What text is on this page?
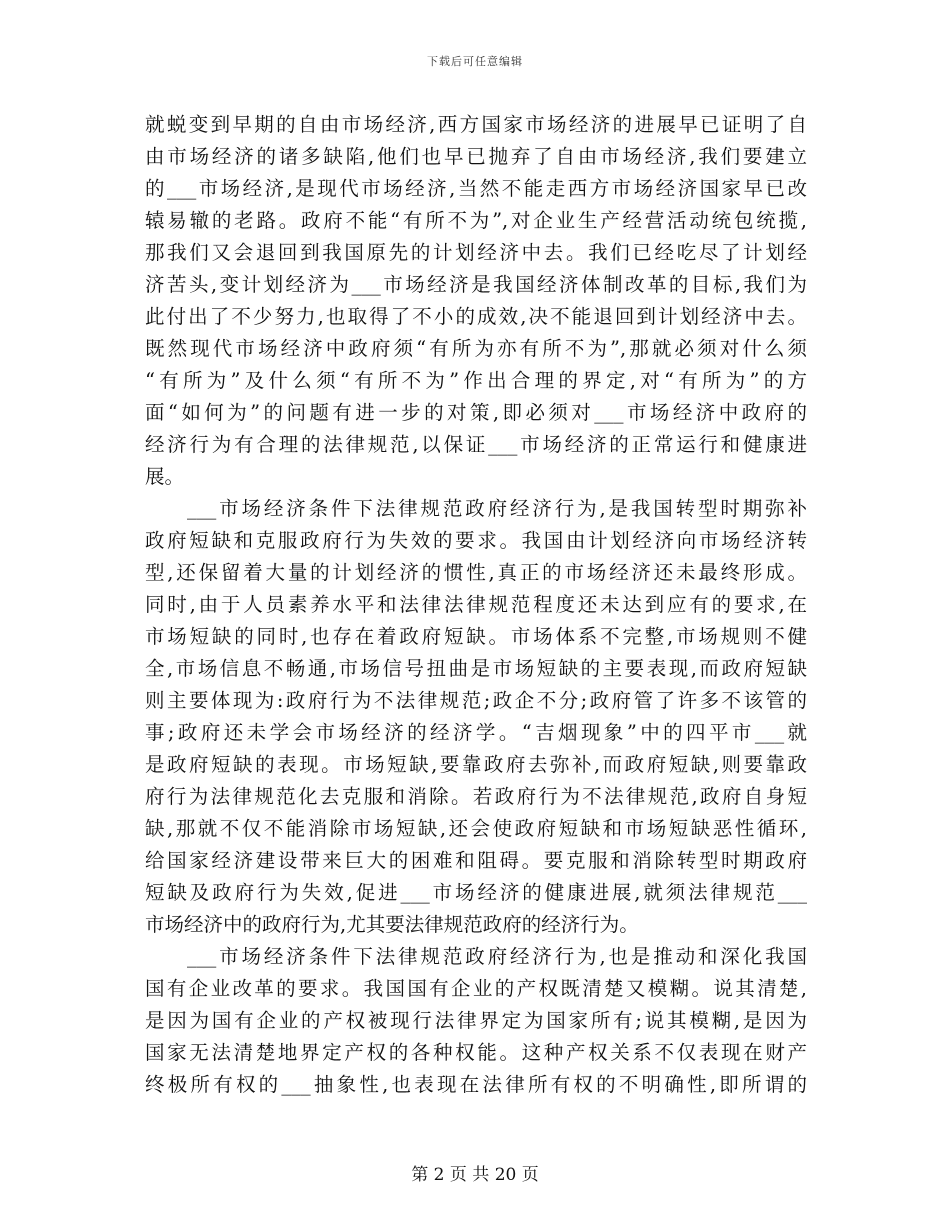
下载后可任意编辑
就蜕变到早期的自由市场经济,西方国家市场经济的进展早已证明了自
由市场经济的诸多缺陷,他们也早已抛弃了自由市场经济,我们要建立
的___市场经济,是现代市场经济,当然不能走西方市场经济国家早已改
辕易辙的老路。政府不能“有所不为”,对企业生产经营活动统包统揽,
那我们又会退回到我国原先的计划经济中去。我们已经吃尽了计划经
济苦头,变计划经济为___市场经济是我国经济体制改革的目标,我们为
此付出了不少努力,也取得了不小的成效,决不能退回到计划经济中去。
既然现代市场经济中政府须“有所为亦有所不为”,那就必须对什么须
“有所为”及什么须“有所不为”作出合理的界定,对“有所为”的方
面“如何为”的问题有进一步的对策,即必须对___市场经济中政府的
经济行为有合理的法律规范,以保证___市场经济的正常运行和健康进
展。
___市场经济条件下法律规范政府经济行为,是我国转型时期弥补
政府短缺和克服政府行为失效的要求。我国由计划经济向市场经济转
型,还保留着大量的计划经济的惯性,真正的市场经济还未最终形成。
同时,由于人员素养水平和法律法律规范程度还未达到应有的要求,在
市场短缺的同时,也存在着政府短缺。市场体系不完整,市场规则不健
全,市场信息不畅通,市场信号扭曲是市场短缺的主要表现,而政府短缺
则主要体现为:政府行为不法律规范;政企不分;政府管了许多不该管的
事;政府还未学会市场经济的经济学。“吉烟现象”中的四平市___就
是政府短缺的表现。市场短缺,要靠政府去弥补,而政府短缺,则要靠政
府行为法律规范化去克服和消除。若政府行为不法律规范,政府自身短
缺,那就不仅不能消除市场短缺,还会使政府短缺和市场短缺恶性循环,
给国家经济建设带来巨大的困难和阻碍。要克服和消除转型时期政府
短缺及政府行为失效,促进___市场经济的健康进展,就须法律规范___
市场经济中的政府行为,尤其要法律规范政府的经济行为。
___市场经济条件下法律规范政府经济行为,也是推动和深化我国
国有企业改革的要求。我国国有企业的产权既清楚又模糊。说其清楚,
是因为国有企业的产权被现行法律界定为国家所有;说其模糊,是因为
国家无法清楚地界定产权的各种权能。这种产权关系不仅表现在财产
终极所有权的___抽象性,也表现在法律所有权的不明确性,即所谓的
第 2 页 共 20 页
